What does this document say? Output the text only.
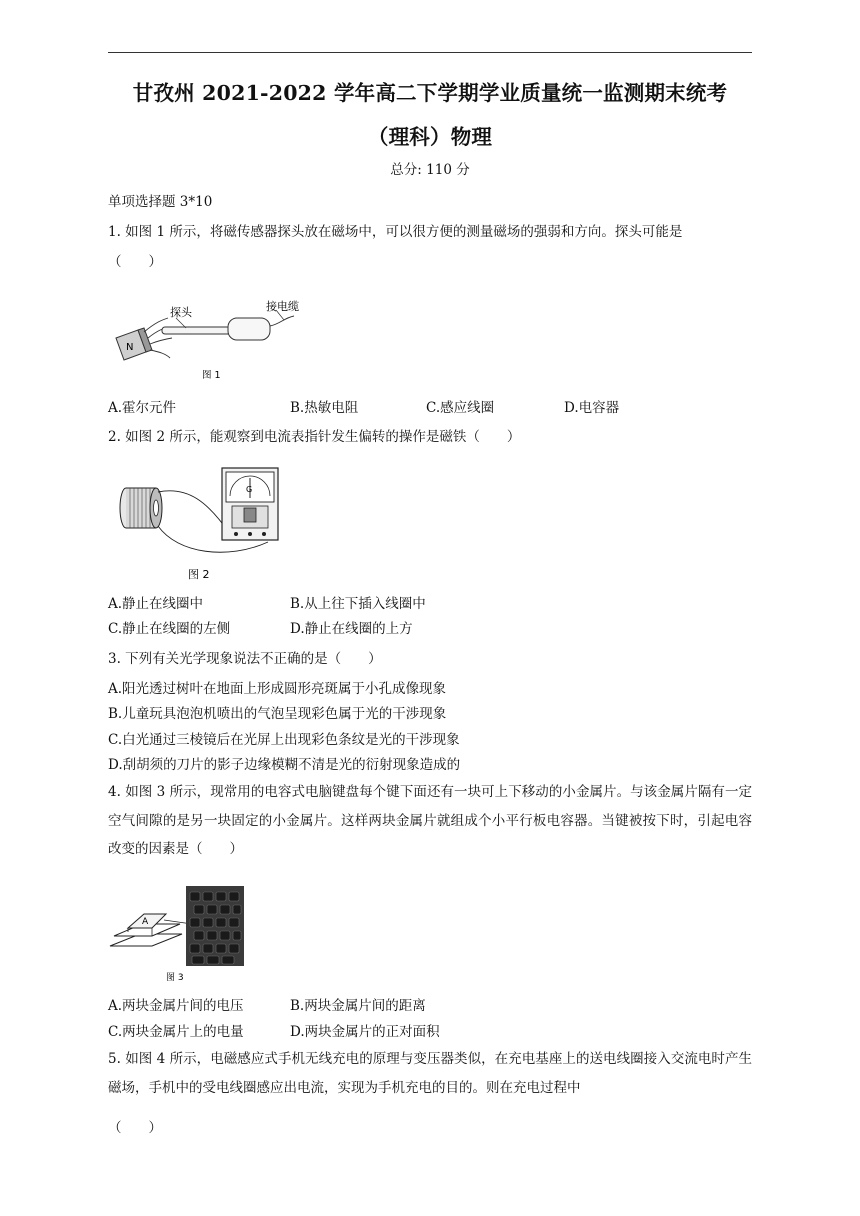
甘孜州 2021-2022 学年高二下学期学业质量统一监测期末统考
（理科）物理
总分: 110 分
单项选择题 3*10
1. 如图 1 所示，将磁传感器探头放在磁场中，可以很方便的测量磁场的强弱和方向。探头可能是
（　　）
N
探头	接电缆
图 1
A.霍尔元件	B.热敏电阻	C.感应线圈	D.电容器
2. 如图 2 所示，能观察到电流表指针发生偏转的操作是磁铁（　　）
G
图 2
A.静止在线圈中	B.从上往下插入线圈中
C.静止在线圈的左侧	D.静止在线圈的上方
3. 下列有关光学现象说法不正确的是（　　）
A.阳光透过树叶在地面上形成圆形亮斑属于小孔成像现象
B.儿童玩具泡泡机喷出的气泡呈现彩色属于光的干涉现象
C.白光通过三棱镜后在光屏上出现彩色条纹是光的干涉现象
D.刮胡须的刀片的影子边缘模糊不清是光的衍射现象造成的
4. 如图 3 所示，现常用的电容式电脑键盘每个键下面还有一块可上下移动的小金属片。与该金属片隔有一定空气间隙的是另一块固定的小金属片。这样两块金属片就组成个小平行板电容器。当键被按下时，引起电容改变的因素是（　　）
A
图 3
A.两块金属片间的电压	B.两块金属片间的距离
C.两块金属片上的电量	D.两块金属片的正对面积
5. 如图 4 所示，电磁感应式手机无线充电的原理与变压器类似，在充电基座上的送电线圈接入交流电时产生磁场，手机中的受电线圈感应出电流，实现为手机充电的目的。则在充电过程中
（　　）
